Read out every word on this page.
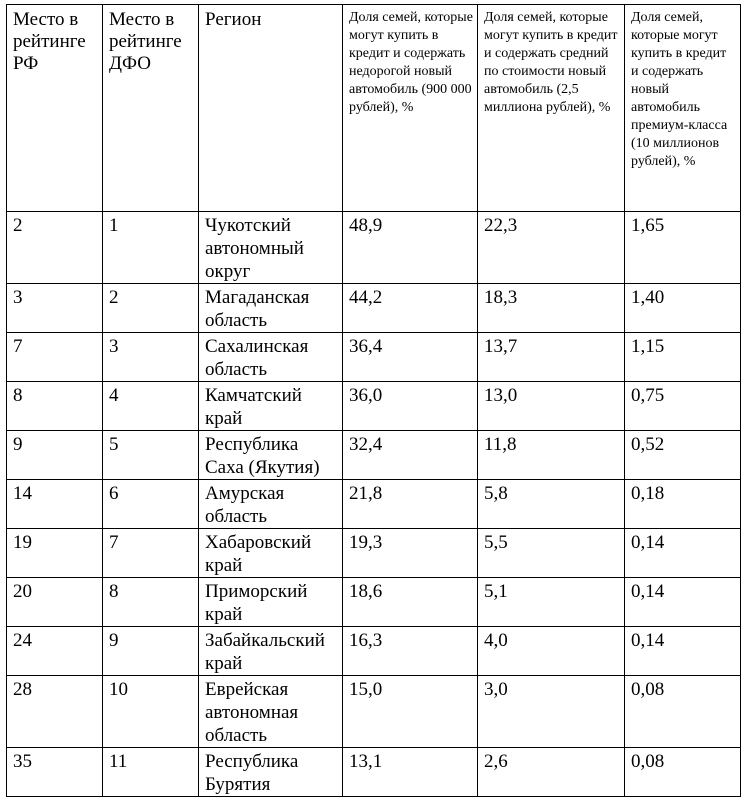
Место в рейтинге РФ	Место в рейтинге ДФО	Регион	Доля семей, которые могут купить в кредит и содержать недорогой новый автомобиль (900 000 рублей), %	Доля семей, которые могут купить в кредит и содержать средний по стоимости новый автомобиль (2,5 миллиона рублей), %	Доля семей, которые могут купить в кредит и содержать новый автомобиль премиум-класса (10 миллионов рублей), %
2	1	Чукотский автономный округ	48,9	22,3	1,65
3	2	Магаданская область	44,2	18,3	1,40
7	3	Сахалинская область	36,4	13,7	1,15
8	4	Камчатский край	36,0	13,0	0,75
9	5	Республика Саха (Якутия)	32,4	11,8	0,52
14	6	Амурская область	21,8	5,8	0,18
19	7	Хабаровский край	19,3	5,5	0,14
20	8	Приморский край	18,6	5,1	0,14
24	9	Забайкальский край	16,3	4,0	0,14
28	10	Еврейская автономная область	15,0	3,0	0,08
35	11	Республика Бурятия	13,1	2,6	0,08
